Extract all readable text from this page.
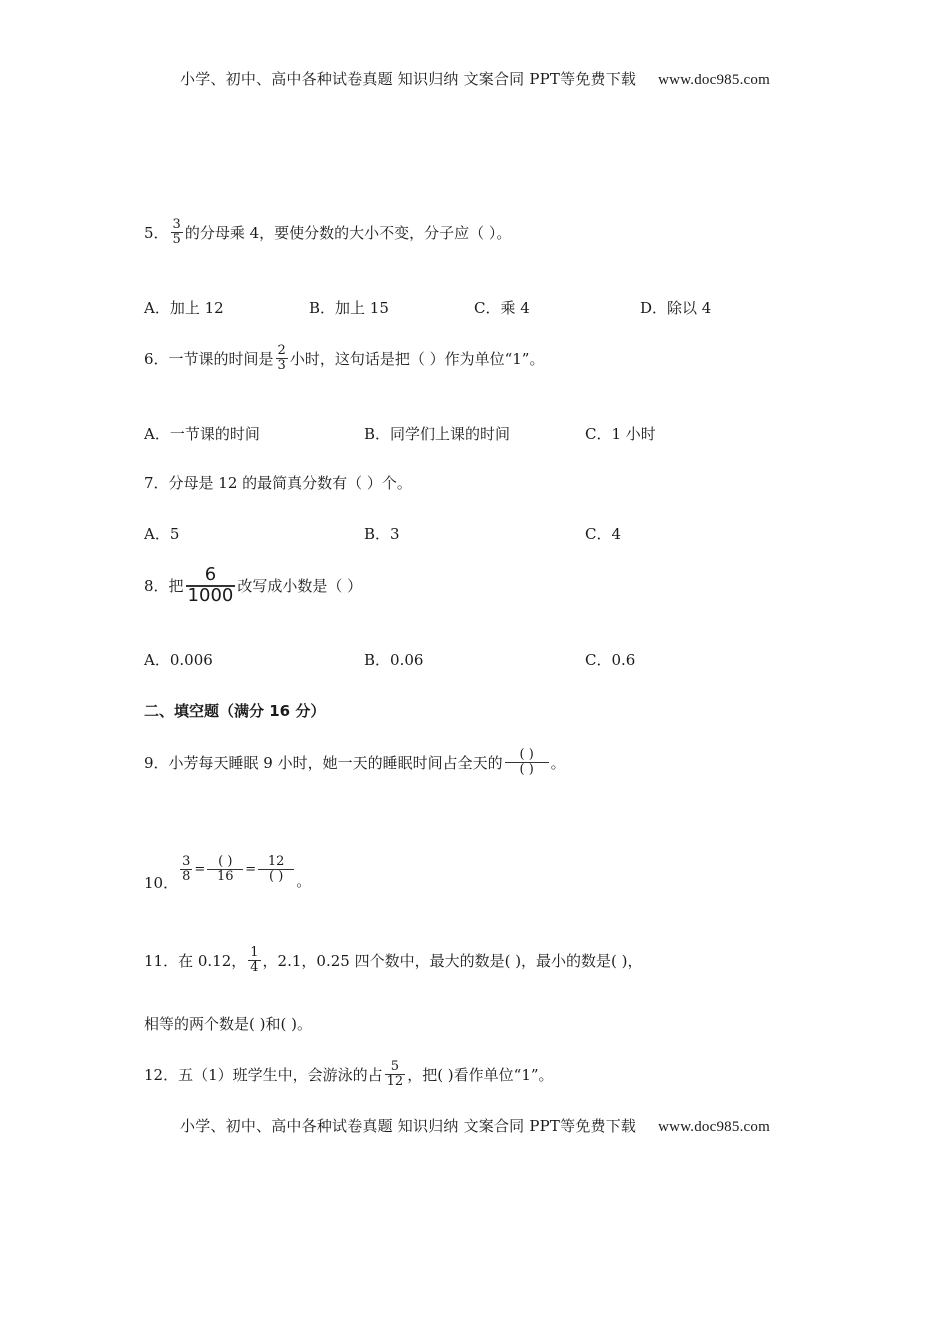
小学、初中、高中各种试卷真题 知识归纳 文案合同 PPT等免费下载 www.doc985.com
5． $\frac{3}{5}$ 的分母乘 4，要使分数的大小不变，分子应（ ）。
A．加上 12	B．加上 15	C．乘 4	D．除以 4
6．一节课的时间是 $\frac{2}{3}$ 小时，这句话是把（ ）作为单位“1”。
A．一节课的时间	B．同学们上课的时间	C．1 小时
7．分母是 12 的最简真分数有（ ）个。
A．5	B．3	C．4
8．把 $\frac{6}{1000}$ 改写成小数是（ ）
A．0.006	B．0.06	C．0.6
二、填空题（满分 16 分）
9．小芳每天睡眠 9 小时，她一天的睡眠时间占全天的 $\frac{( )}{( )}$ 。
10． $\frac{3}{8} = \frac{( )}{16} = \frac{12}{( )}$ 。
11．在 0.12， $\frac{1}{4}$ ，2.1，0.25 四个数中，最大的数是( )，最小的数是( )，
相等的两个数是( )和( )。
12．五（1）班学生中，会游泳的占 $\frac{5}{12}$ ，把( )看作单位“1”。
小学、初中、高中各种试卷真题 知识归纳 文案合同 PPT等免费下载 www.doc985.com
